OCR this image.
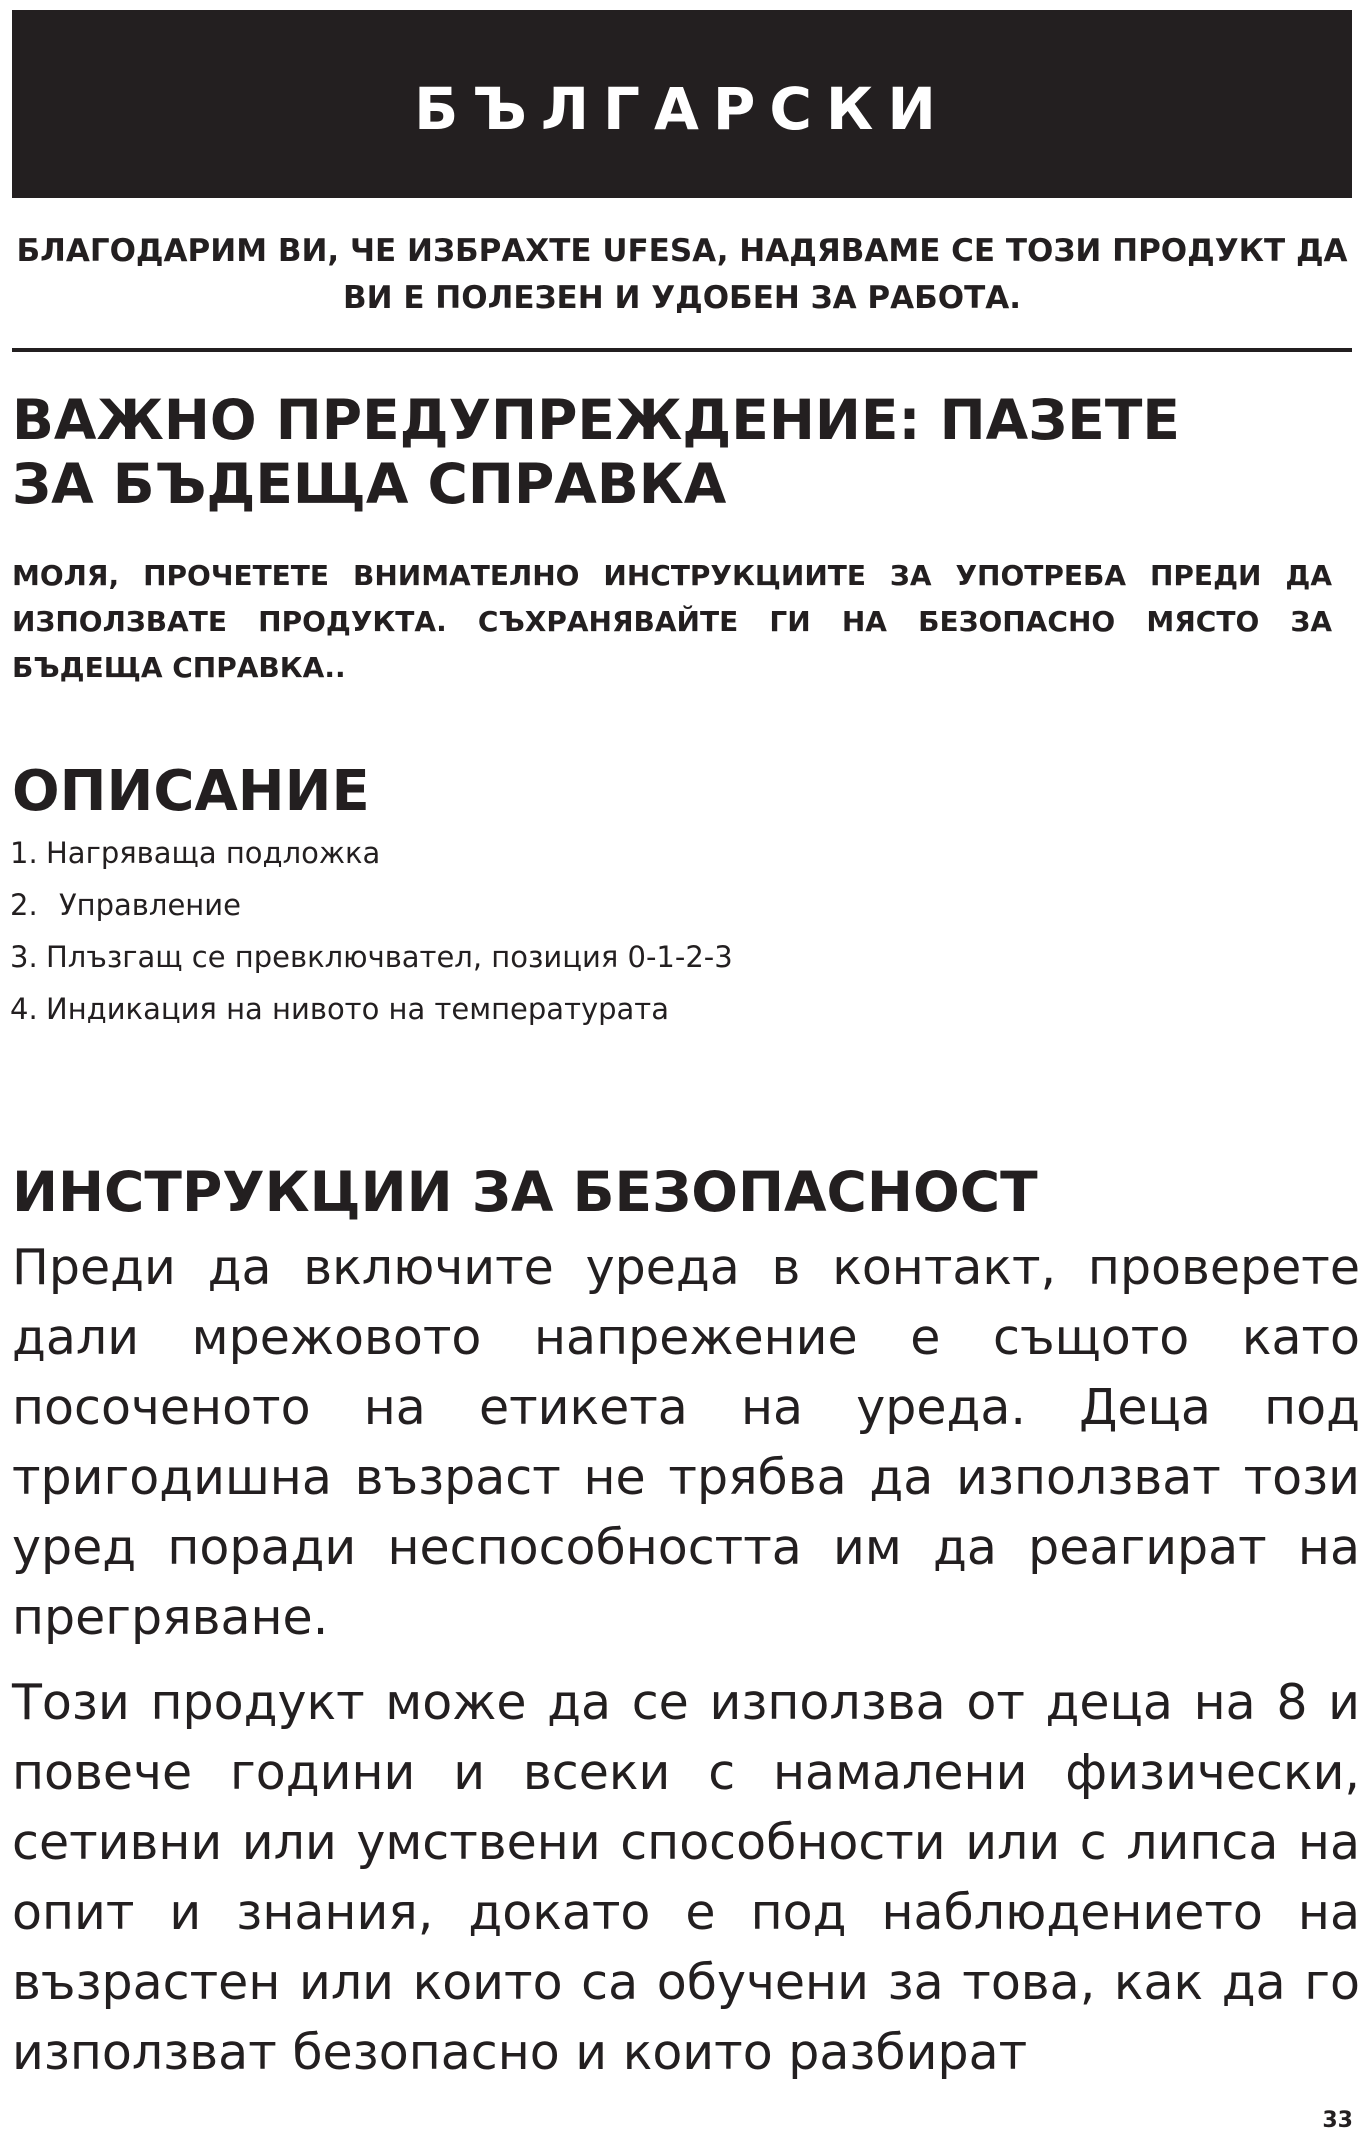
БЪЛГАРСКИ
БЛАГОДАРИМ ВИ, ЧЕ ИЗБРАХТЕ UFESA, НАДЯВАМЕ СЕ ТОЗИ ПРОДУКТ ДА ВИ Е ПОЛЕЗЕН И УДОБЕН ЗА РАБОТА.
ВАЖНО ПРЕДУПРЕЖДЕНИЕ: ПАЗЕТЕ ЗА БЪДЕЩА СПРАВКА
МОЛЯ, ПРОЧЕТЕТЕ ВНИМАТЕЛНО ИНСТРУКЦИИТЕ ЗА УПОТРЕБА ПРЕДИ ДА ИЗПОЛЗВАТЕ ПРОДУКТА. СЪХРАНЯВАЙТЕ ГИ НА БЕЗОПАСНО МЯСТО ЗА БЪДЕЩА СПРАВКА..
ОПИСАНИЕ
1. Нагряваща подложка
2. Управление
3. Плъзгащ се превключвател, позиция 0-1-2-3
4. Индикация на нивото на температурата
ИНСТРУКЦИИ ЗА БЕЗОПАСНОСТ

Преди да включите уреда в контакт, проверете дали мрежовото напрежение е същото като посоченото на етикета на уреда. Деца под тригодишна възраст не трябва да използват този уред поради неспособността им да реагират на прегряване.

Този продукт може да се използва от деца на 8 и повече години и всеки с намалени физически, сетивни или умствени способности или с липса на опит и знания, докато е под наблюдението на възрастен или които са обучени за това, как да го използват безопасно и които разбират

33
